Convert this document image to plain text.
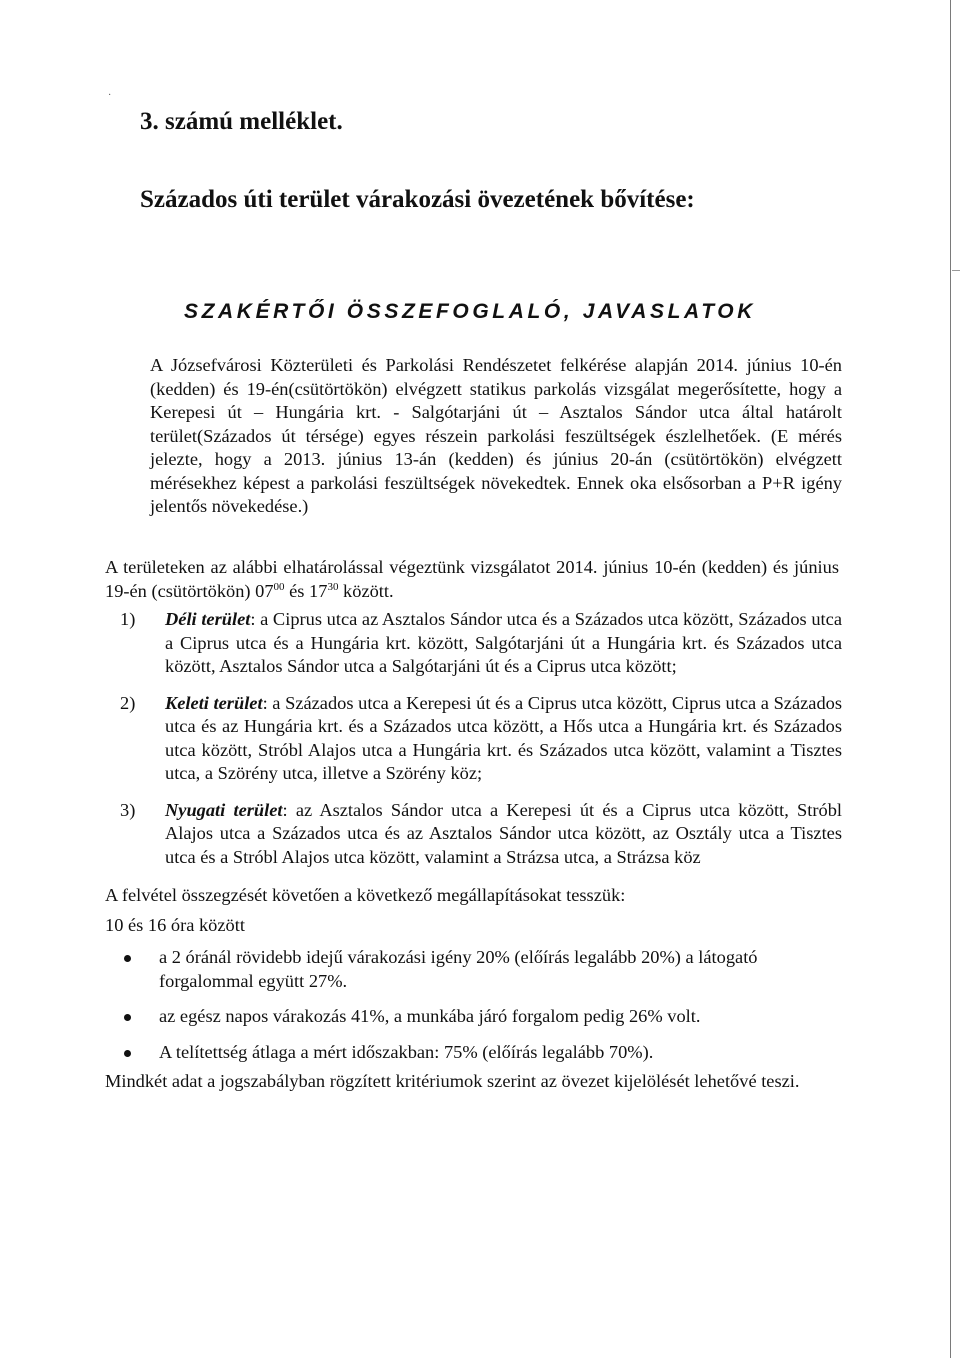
·
3. számú melléklet.
Százados úti terület várakozási övezetének bővítése:
SZAKÉRTŐI ÖSSZEFOGLALÓ, JAVASLATOK

A Józsefvárosi Közterületi és Parkolási Rendészetet felkérése alapján 2014. június 10-én (kedden) és 19-én(csütörtökön) elvégzett statikus parkolás vizsgálat megerősítette, hogy a Kerepesi út – Hungária krt. - Salgótarjáni út – Asztalos Sándor utca által határolt terület(Százados út térsége) egyes részein parkolási feszültségek észlelhetőek. (E mérés jelezte, hogy a 2013. június 13-án (kedden) és június 20-án (csütörtökön) elvégzett mérésekhez képest a parkolási feszültségek növekedtek. Ennek oka elsősorban a P+R igény jelentős növekedése.)

A területeken az alábbi elhatárolással végeztünk vizsgálatot 2014. június 10-én (kedden) és június 19-én (csütörtökön) $07^{00}$ és $17^{30}$ között.

1) Déli terület: a Ciprus utca az Asztalos Sándor utca és a Százados utca között, Százados utca a Ciprus utca és a Hungária krt. között, Salgótarjáni út a Hungária krt. és Százados utca között, Asztalos Sándor utca a Salgótarjáni út és a Ciprus utca között;
2) Keleti terület: a Százados utca a Kerepesi út és a Ciprus utca között, Ciprus utca a Százados utca és az Hungária krt. és a Százados utca között, a Hős utca a Hungária krt. és Százados utca között, Stróbl Alajos utca a Hungária krt. és Százados utca között, valamint a Tisztes utca, a Szörény utca, illetve a Szörény köz;
3) Nyugati terület: az Asztalos Sándor utca a Kerepesi út és a Ciprus utca között, Stróbl Alajos utca a Százados utca és az Asztalos Sándor utca között, az Osztály utca a Tisztes utca és a Stróbl Alajos utca között, valamint a Strázsa utca, a Strázsa köz

A felvétel összegzését követően a következő megállapításokat tesszük:

10 és 16 óra között

a 2 óránál rövidebb idejű várakozási igény 20% (előírás legalább 20%) a látogató forgalommal együtt 27%.
az egész napos várakozás 41%, a munkába járó forgalom pedig 26% volt.
A telítettség átlaga a mért időszakban: 75% (előírás legalább 70%).

Mindkét adat a jogszabályban rögzített kritériumok szerint az övezet kijelölését lehetővé teszi.
